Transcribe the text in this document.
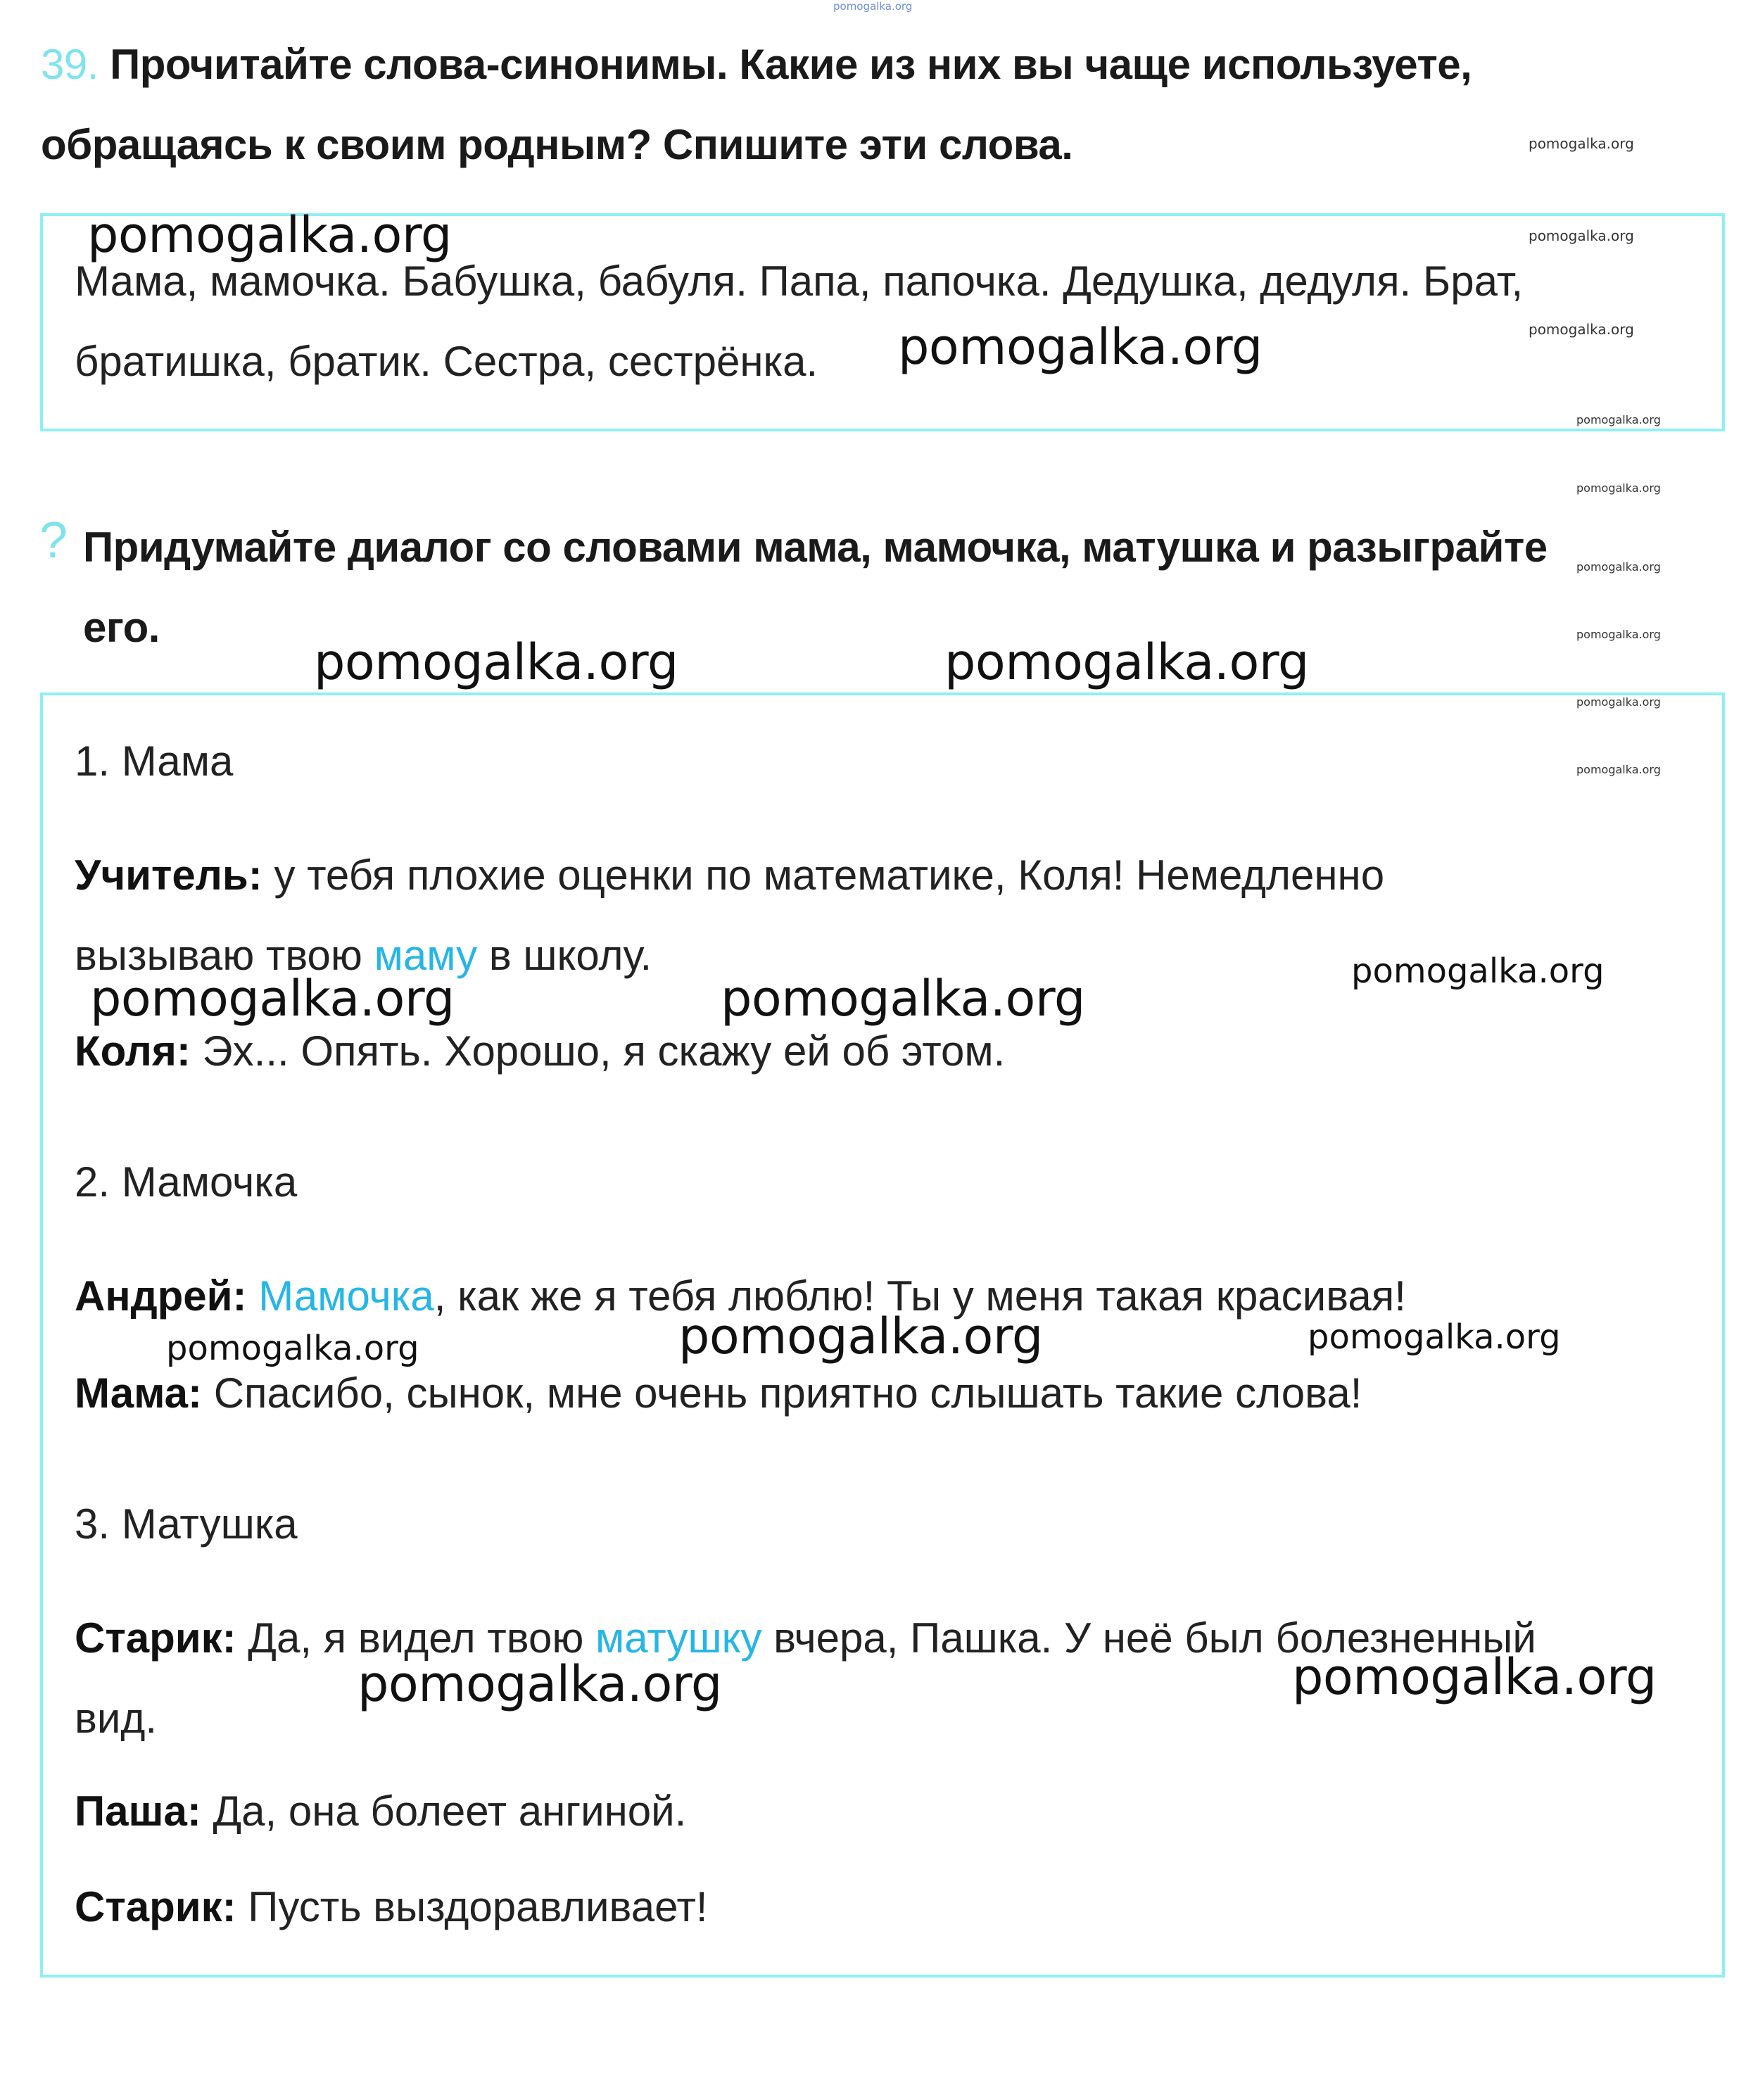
pomogalka.org
39. Прочитайте слова-синонимы. Какие из них вы чаще используете,
обращаясь к своим родным? Спишите эти слова.	pomogalka.org
pomogalka.org
pomogalka.org
pomogalka.org
pomogalka.org
pomogalka.org
pomogalka.org
pomogalka.org
pomogalka.org
pomogalka.org
Мама, мамочка. Бабушка, бабуля. Папа, папочка. Дедушка, дедуля. Брат,
братишка, братик. Сестра, сестрёнка. pomogalka.org
? Придумайте диалог со словами мама, мамочка, матушка и разыграйте
его.
pomogalka.org	pomogalka.org
1. Мама
Учитель: у тебя плохие оценки по математике, Коля! Немедленно
вызываю твою маму в школу.	pomogalka.org
pomogalka.org	pomogalka.org
Коля: Эх... Опять. Хорошо, я скажу ей об этом.
2. Мамочка
Андрей: Мамочка, как же я тебя люблю! Ты у меня такая красивая!
pomogalka.org	pomogalka.org	pomogalka.org
Мама: Спасибо, сынок, мне очень приятно слышать такие слова!
3. Матушка
Старик: Да, я видел твою матушку вчера, Пашка. У неё был болезненный
pomogalka.org	pomogalka.org
вид.
Паша: Да, она болеет ангиной.
Старик: Пусть выздоравливает!
